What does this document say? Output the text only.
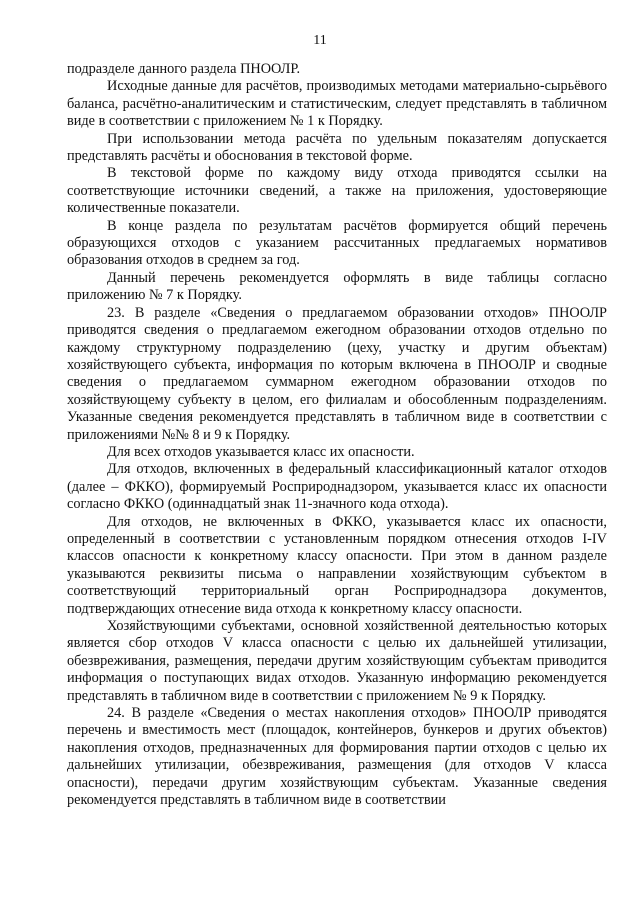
11

подразделе данного раздела ПНООЛР.

Исходные данные для расчётов, производимых методами материально-сырьёвого баланса, расчётно-аналитическим и статистическим, следует представлять в табличном виде в соответствии с приложением № 1 к Порядку.

При использовании метода расчёта по удельным показателям допускается представлять расчёты и обоснования в текстовой форме.

В текстовой форме по каждому виду отхода приводятся ссылки на соответствующие источники сведений, а также на приложения, удостоверяющие количественные показатели.

В конце раздела по результатам расчётов формируется общий перечень образующихся отходов с указанием рассчитанных предлагаемых нормативов образования отходов в среднем за год.

Данный перечень рекомендуется оформлять в виде таблицы согласно приложению № 7 к Порядку.

23. В разделе «Сведения о предлагаемом образовании отходов» ПНООЛР приводятся сведения о предлагаемом ежегодном образовании отходов отдельно по каждому структурному подразделению (цеху, участку и другим объектам) хозяйствующего субъекта, информация по которым включена в ПНООЛР и сводные сведения о предлагаемом суммарном ежегодном образовании отходов по хозяйствующему субъекту в целом, его филиалам и обособленным подразделениям. Указанные сведения рекомендуется представлять в табличном виде в соответствии с приложениями №№ 8 и 9 к Порядку.

Для всех отходов указывается класс их опасности.

Для отходов, включенных в федеральный классификационный каталог отходов (далее – ФККО), формируемый Росприроднадзором, указывается класс их опасности согласно ФККО (одиннадцатый знак 11-значного кода отхода).

Для отходов, не включенных в ФККО, указывается класс их опасности, определенный в соответствии с установленным порядком отнесения отходов I-IV классов опасности к конкретному классу опасности. При этом в данном разделе указываются реквизиты письма о направлении хозяйствующим субъектом в соответствующий территориальный орган Росприроднадзора документов, подтверждающих отнесение вида отхода к конкретному классу опасности.

Хозяйствующими субъектами, основной хозяйственной деятельностью которых является сбор отходов V класса опасности с целью их дальнейшей утилизации, обезвреживания, размещения, передачи другим хозяйствующим субъектам приводится информация о поступающих видах отходов. Указанную информацию рекомендуется представлять в табличном виде в соответствии с приложением № 9 к Порядку.

24. В разделе «Сведения о местах накопления отходов» ПНООЛР приводятся перечень и вместимость мест (площадок, контейнеров, бункеров и других объектов) накопления отходов, предназначенных для формирования партии отходов с целью их дальнейших утилизации, обезвреживания, размещения (для отходов V класса опасности), передачи другим хозяйствующим субъектам. Указанные сведения рекомендуется представлять в табличном виде в соответствии
